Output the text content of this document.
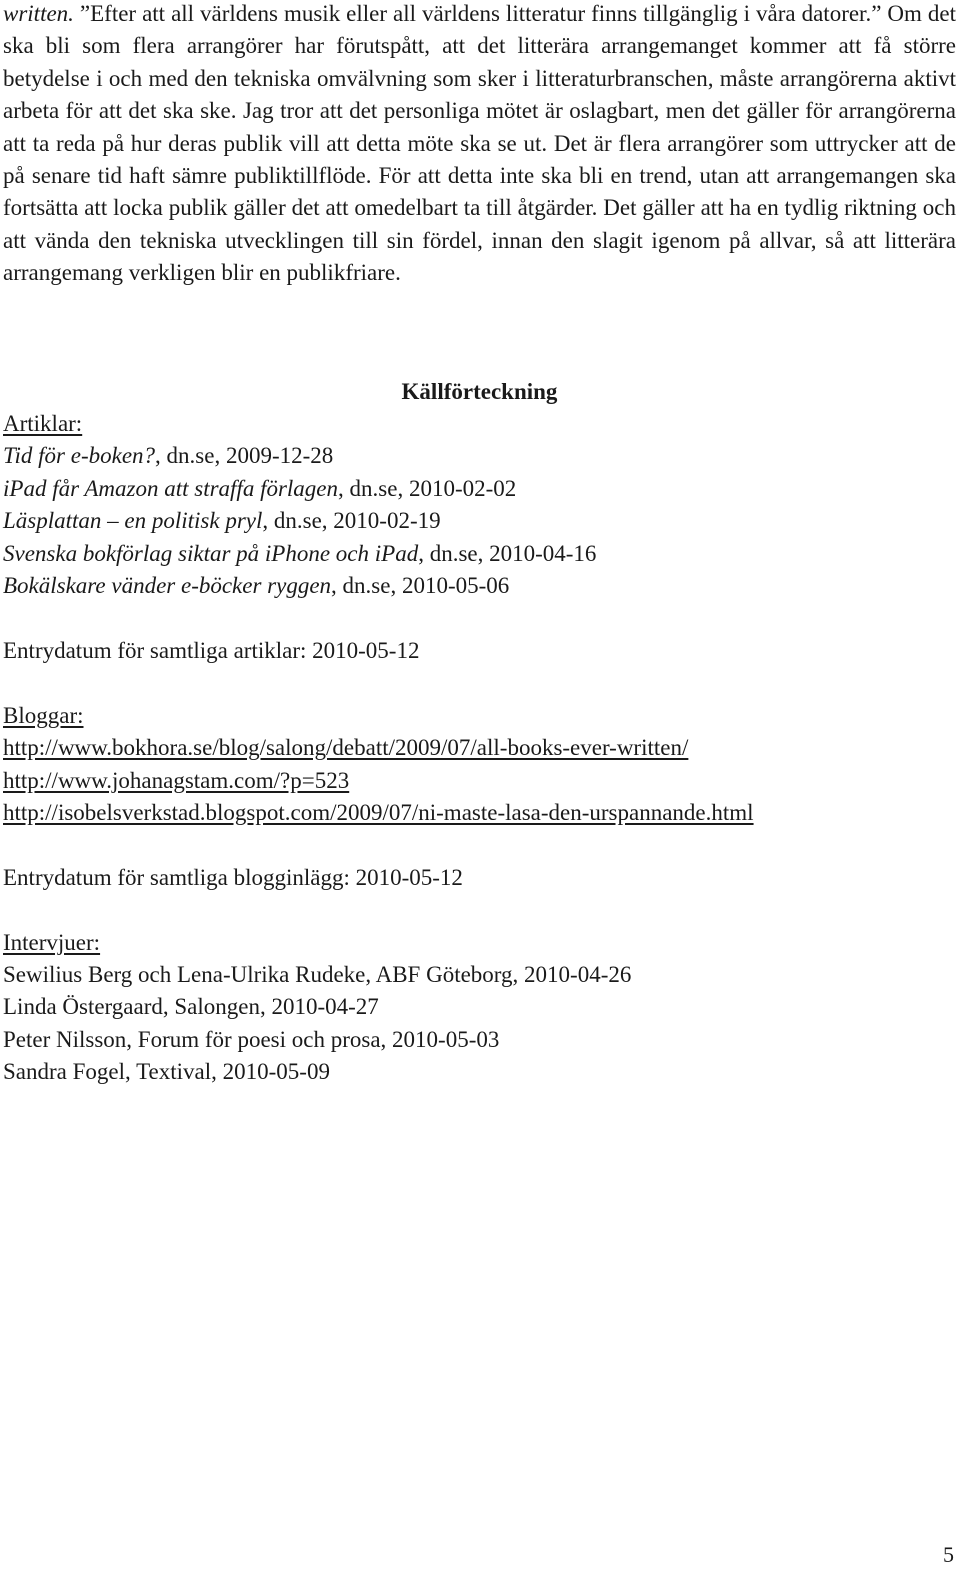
written. ”Efter att all världens musik eller all världens litteratur finns tillgänglig i våra datorer.” Om det ska bli som flera arrangörer har förutspått, att det litterära arrangemanget kommer att få större betydelse i och med den tekniska omvälvning som sker i litteraturbranschen, måste arrangörerna aktivt arbeta för att det ska ske. Jag tror att det personliga mötet är oslagbart, men det gäller för arrangörerna att ta reda på hur deras publik vill att detta möte ska se ut. Det är flera arrangörer som uttrycker att de på senare tid haft sämre publiktillflöde. För att detta inte ska bli en trend, utan att arrangemangen ska fortsätta att locka publik gäller det att omedelbart ta till åtgärder. Det gäller att ha en tydlig riktning och att vända den tekniska utvecklingen till sin fördel, innan den slagit igenom på allvar, så att litterära arrangemang verkligen blir en publikfriare.

Källförteckning

Artiklar:

Tid för e-boken?, dn.se, 2009-12-28

iPad får Amazon att straffa förlagen, dn.se, 2010-02-02

Läsplattan – en politisk pryl, dn.se, 2010-02-19

Svenska bokförlag siktar på iPhone och iPad, dn.se, 2010-04-16

Bokälskare vänder e-böcker ryggen, dn.se, 2010-05-06

Entrydatum för samtliga artiklar: 2010-05-12

Bloggar:

http://www.bokhora.se/blog/salong/debatt/2009/07/all-books-ever-written/

http://www.johanagstam.com/?p=523

http://isobelsverkstad.blogspot.com/2009/07/ni-maste-lasa-den-urspannande.html

Entrydatum för samtliga blogginlägg: 2010-05-12

Intervjuer:

Sewilius Berg och Lena-Ulrika Rudeke, ABF Göteborg, 2010-04-26

Linda Östergaard, Salongen, 2010-04-27

Peter Nilsson, Forum för poesi och prosa, 2010-05-03

Sandra Fogel, Textival, 2010-05-09

5
